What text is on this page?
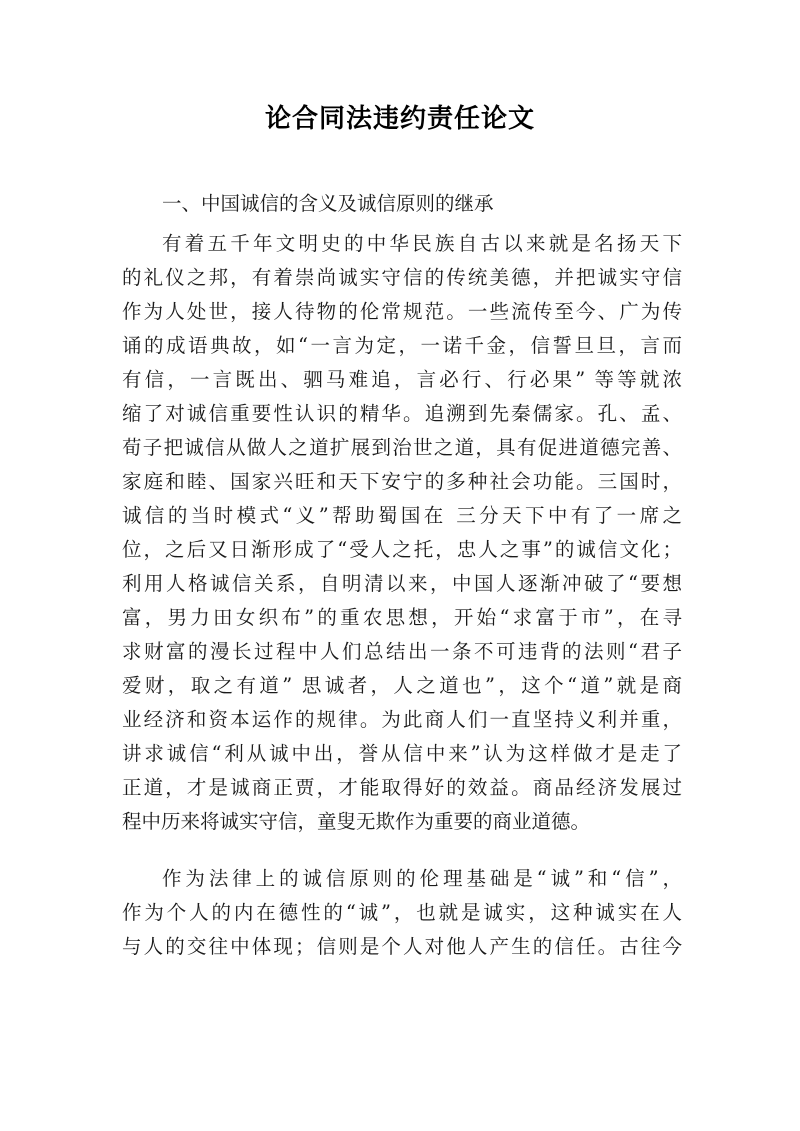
论合同法违约责任论文
一、中国诚信的含义及诚信原则的继承
有着五千年文明史的中华民族自古以来就是名扬天下
的礼仪之邦，有着崇尚诚实守信的传统美德，并把诚实守信
作为人处世，接人待物的伦常规范。一些流传至今、广为传
诵的成语典故，如“一言为定，一诺千金，信誓旦旦，言而
有信，一言既出、驷马难追，言必行、行必果” 等等就浓
缩了对诚信重要性认识的精华。追溯到先秦儒家。孔、孟、
荀子把诚信从做人之道扩展到治世之道，具有促进道德完善、
家庭和睦、国家兴旺和天下安宁的多种社会功能。三国时，
诚信的当时模式“义”帮助蜀国在 三分天下中有了一席之
位，之后又日渐形成了“受人之托，忠人之事”的诚信文化；
利用人格诚信关系，自明清以来，中国人逐渐冲破了“要想
富，男力田女织布”的重农思想，开始“求富于市”，在寻
求财富的漫长过程中人们总结出一条不可违背的法则“君子
爱财，取之有道” 思诚者，人之道也”，这个“道”就是商
业经济和资本运作的规律。为此商人们一直坚持义利并重，
讲求诚信“利从诚中出，誉从信中来”认为这样做才是走了
正道，才是诚商正贾，才能取得好的效益。商品经济发展过
程中历来将诚实守信，童叟无欺作为重要的商业道德。
作为法律上的诚信原则的伦理基础是“诚”和“信”，
作为个人的内在德性的“诚”，也就是诚实，这种诚实在人
与人的交往中体现；信则是个人对他人产生的信任。古往今
